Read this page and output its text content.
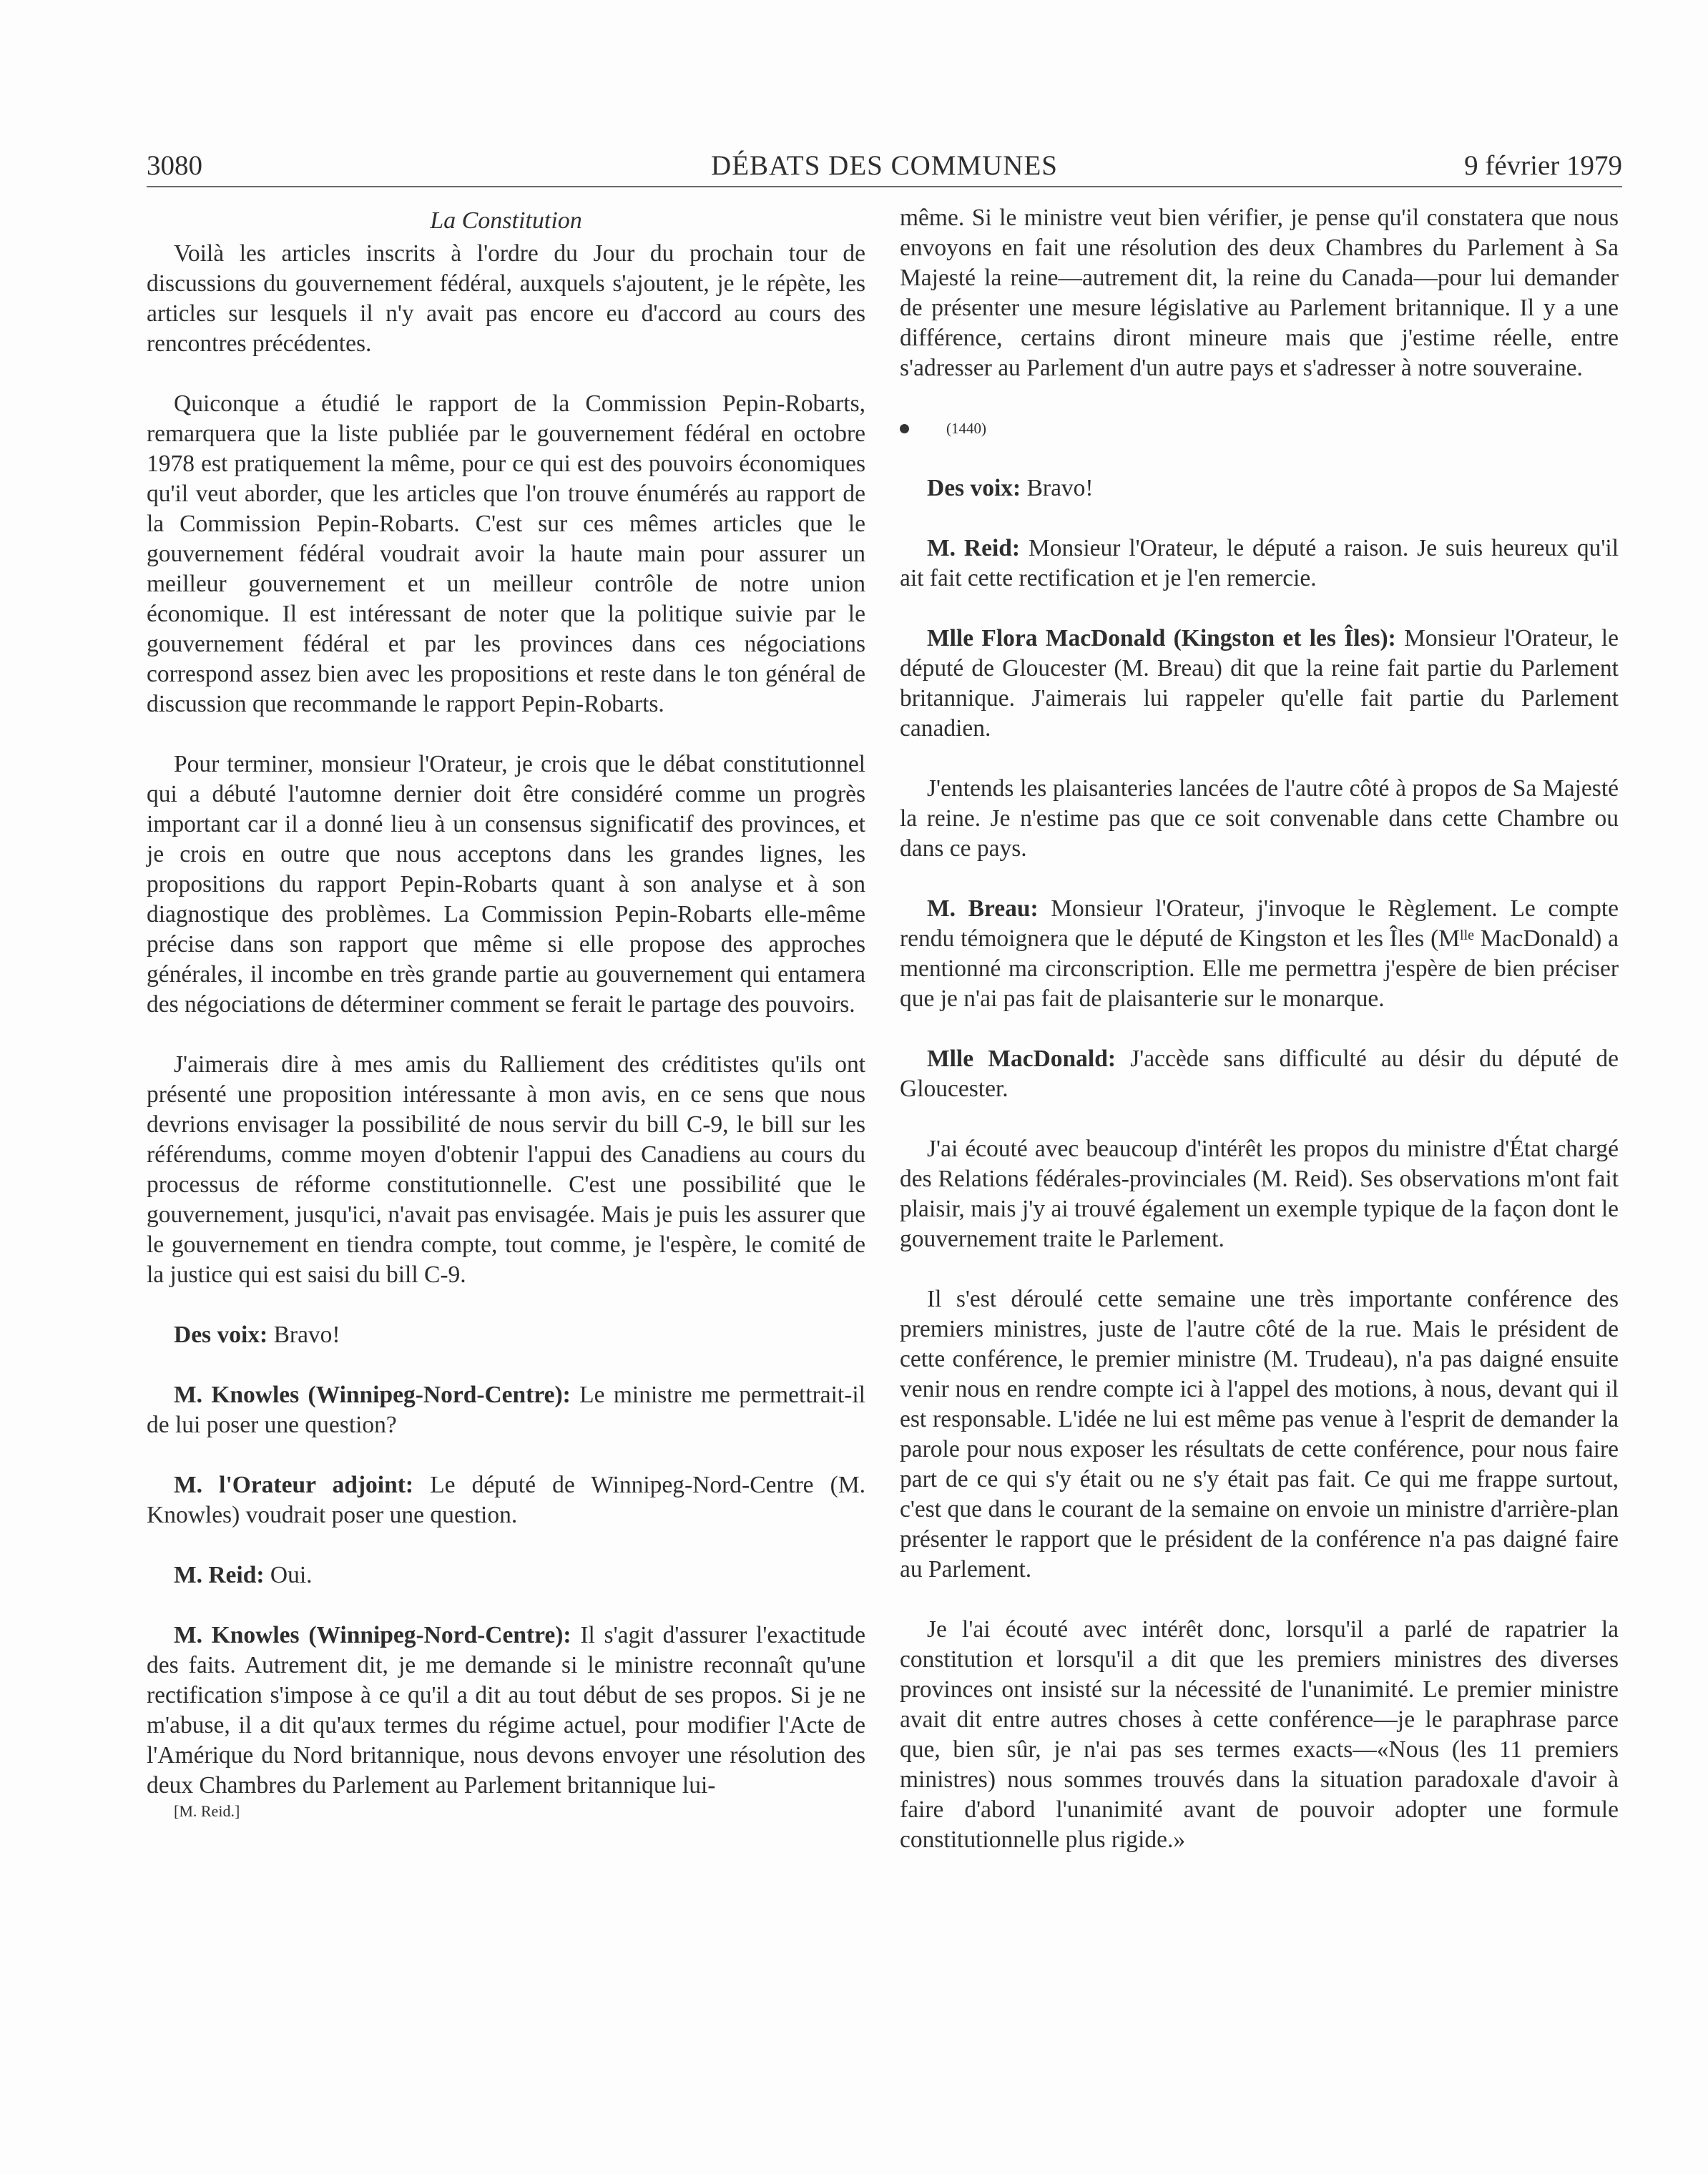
3080	DÉBATS DES COMMUNES	9 février 1979
La Constitution

Voilà les articles inscrits à l'ordre du Jour du prochain tour de discussions du gouvernement fédéral, auxquels s'ajoutent, je le répète, les articles sur lesquels il n'y avait pas encore eu d'accord au cours des rencontres précédentes.

Quiconque a étudié le rapport de la Commission Pepin-Robarts, remarquera que la liste publiée par le gouvernement fédéral en octobre 1978 est pratiquement la même, pour ce qui est des pouvoirs économiques qu'il veut aborder, que les articles que l'on trouve énumérés au rapport de la Commission Pepin-Robarts. C'est sur ces mêmes articles que le gouvernement fédéral voudrait avoir la haute main pour assurer un meilleur gouvernement et un meilleur contrôle de notre union économique. Il est intéressant de noter que la politique suivie par le gouvernement fédéral et par les provinces dans ces négociations correspond assez bien avec les propositions et reste dans le ton général de discussion que recommande le rapport Pepin-Robarts.

Pour terminer, monsieur l'Orateur, je crois que le débat constitutionnel qui a débuté l'automne dernier doit être considéré comme un progrès important car il a donné lieu à un consensus significatif des provinces, et je crois en outre que nous acceptons dans les grandes lignes, les propositions du rapport Pepin-Robarts quant à son analyse et à son diagnostique des problèmes. La Commission Pepin-Robarts elle-même précise dans son rapport que même si elle propose des approches générales, il incombe en très grande partie au gouvernement qui entamera des négociations de déterminer comment se ferait le partage des pouvoirs.

J'aimerais dire à mes amis du Ralliement des créditistes qu'ils ont présenté une proposition intéressante à mon avis, en ce sens que nous devrions envisager la possibilité de nous servir du bill C-9, le bill sur les référendums, comme moyen d'obtenir l'appui des Canadiens au cours du processus de réforme constitutionnelle. C'est une possibilité que le gouvernement, jusqu'ici, n'avait pas envisagée. Mais je puis les assurer que le gouvernement en tiendra compte, tout comme, je l'espère, le comité de la justice qui est saisi du bill C-9.

Des voix: Bravo!

M. Knowles (Winnipeg-Nord-Centre): Le ministre me permettrait-il de lui poser une question?

M. l'Orateur adjoint: Le député de Winnipeg-Nord-Centre (M. Knowles) voudrait poser une question.

M. Reid: Oui.

M. Knowles (Winnipeg-Nord-Centre): Il s'agit d'assurer l'exactitude des faits. Autrement dit, je me demande si le ministre reconnaît qu'une rectification s'impose à ce qu'il a dit au tout début de ses propos. Si je ne m'abuse, il a dit qu'aux termes du régime actuel, pour modifier l'Acte de l'Amérique du Nord britannique, nous devons envoyer une résolution des deux Chambres du Parlement au Parlement britannique lui-

[M. Reid.]

même. Si le ministre veut bien vérifier, je pense qu'il constatera que nous envoyons en fait une résolution des deux Chambres du Parlement à Sa Majesté la reine—autrement dit, la reine du Canada—pour lui demander de présenter une mesure législative au Parlement britannique. Il y a une différence, certains diront mineure mais que j'estime réelle, entre s'adresser au Parlement d'un autre pays et s'adresser à notre souveraine.

(1440)

Des voix: Bravo!

M. Reid: Monsieur l'Orateur, le député a raison. Je suis heureux qu'il ait fait cette rectification et je l'en remercie.

Mlle Flora MacDonald (Kingston et les Îles): Monsieur l'Orateur, le député de Gloucester (M. Breau) dit que la reine fait partie du Parlement britannique. J'aimerais lui rappeler qu'elle fait partie du Parlement canadien.

J'entends les plaisanteries lancées de l'autre côté à propos de Sa Majesté la reine. Je n'estime pas que ce soit convenable dans cette Chambre ou dans ce pays.

M. Breau: Monsieur l'Orateur, j'invoque le Règlement. Le compte rendu témoignera que le député de Kingston et les Îles ($M^{lle}$ MacDonald) a mentionné ma circonscription. Elle me permettra j'espère de bien préciser que je n'ai pas fait de plaisanterie sur le monarque.

Mlle MacDonald: J'accède sans difficulté au désir du député de Gloucester.

J'ai écouté avec beaucoup d'intérêt les propos du ministre d'État chargé des Relations fédérales-provinciales (M. Reid). Ses observations m'ont fait plaisir, mais j'y ai trouvé également un exemple typique de la façon dont le gouvernement traite le Parlement.

Il s'est déroulé cette semaine une très importante conférence des premiers ministres, juste de l'autre côté de la rue. Mais le président de cette conférence, le premier ministre (M. Trudeau), n'a pas daigné ensuite venir nous en rendre compte ici à l'appel des motions, à nous, devant qui il est responsable. L'idée ne lui est même pas venue à l'esprit de demander la parole pour nous exposer les résultats de cette conférence, pour nous faire part de ce qui s'y était ou ne s'y était pas fait. Ce qui me frappe surtout, c'est que dans le courant de la semaine on envoie un ministre d'arrière-plan présenter le rapport que le président de la conférence n'a pas daigné faire au Parlement.

Je l'ai écouté avec intérêt donc, lorsqu'il a parlé de rapatrier la constitution et lorsqu'il a dit que les premiers ministres des diverses provinces ont insisté sur la nécessité de l'unanimité. Le premier ministre avait dit entre autres choses à cette conférence—je le paraphrase parce que, bien sûr, je n'ai pas ses termes exacts—«Nous (les 11 premiers ministres) nous sommes trouvés dans la situation paradoxale d'avoir à faire d'abord l'unanimité avant de pouvoir adopter une formule constitutionnelle plus rigide.»
